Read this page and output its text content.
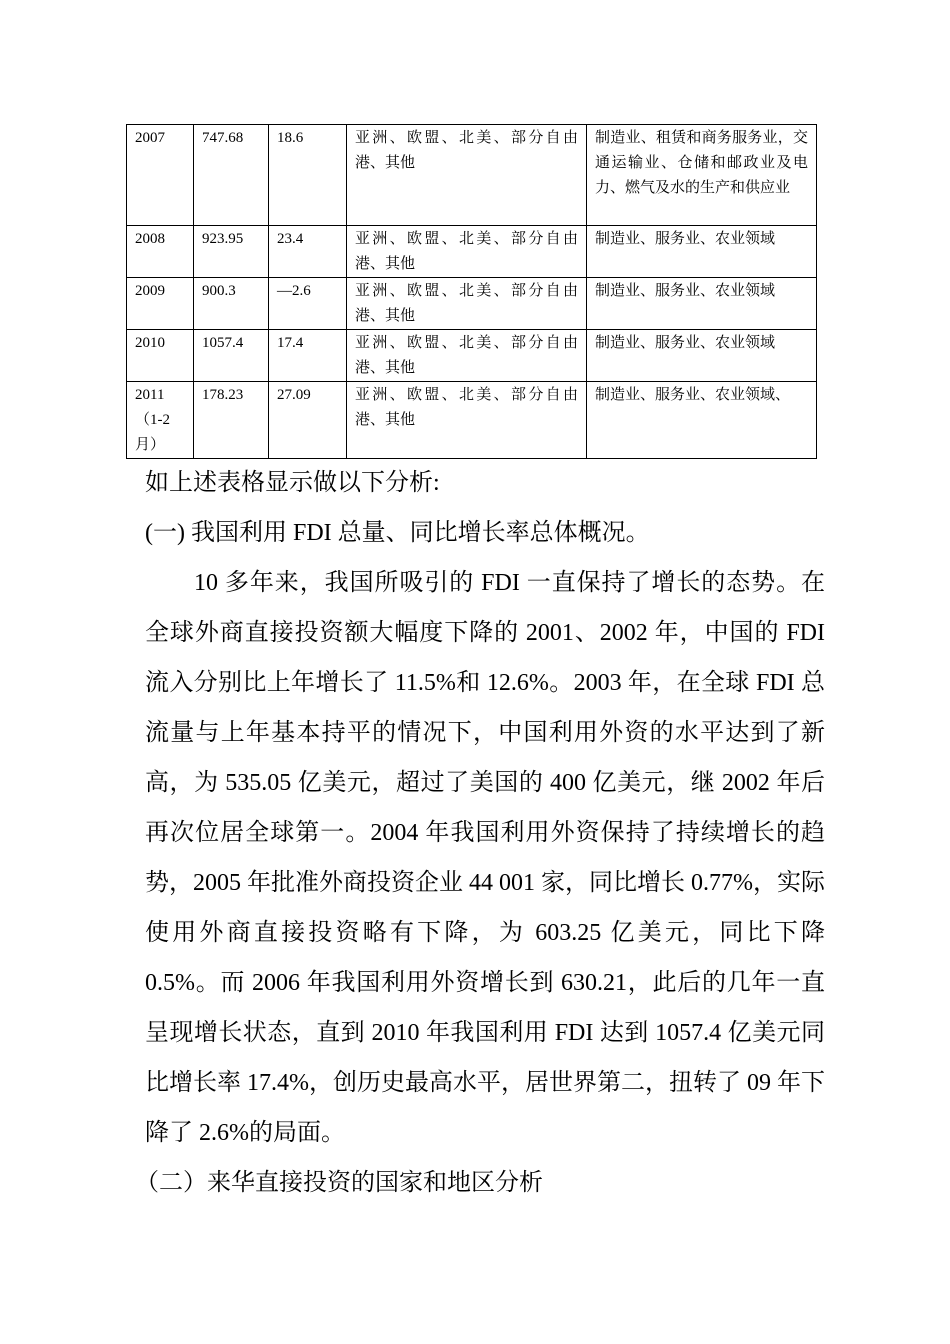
2007	747.68	18.6	亚洲、欧盟、北美、部分自由港、其他	制造业、租赁和商务服务业，交通运输业、仓储和邮政业及电力、燃气及水的生产和供应业
2008	923.95	23.4	亚洲、欧盟、北美、部分自由港、其他	制造业、服务业、农业领域
2009	900.3	—2.6	亚洲、欧盟、北美、部分自由港、其他	制造业、服务业、农业领域
2010	1057.4	17.4	亚洲、欧盟、北美、部分自由港、其他	制造业、服务业、农业领域
2011（1-2月）	178.23	27.09	亚洲、欧盟、北美、部分自由港、其他	制造业、服务业、农业领域、

如上述表格显示做以下分析:

(一) 我国利用 FDI 总量、同比增长率总体概况。

10 多年来，我国所吸引的 FDI 一直保持了增长的态势。在全球外商直接投资额大幅度下降的 2001、2002 年，中国的 FDI 流入分别比上年增长了 11.5%和 12.6%。2003 年，在全球 FDI 总流量与上年基本持平的情况下，中国利用外资的水平达到了新高，为 535.05 亿美元，超过了美国的 400 亿美元，继 2002 年后再次位居全球第一。2004 年我国利用外资保持了持续增长的趋势，2005 年批准外商投资企业 44 001 家，同比增长 0.77%，实际使用外商直接投资略有下降，为 603.25 亿美元，同比下降 0.5%。而 2006 年我国利用外资增长到 630.21，此后的几年一直呈现增长状态，直到 2010 年我国利用 FDI 达到 1057.4 亿美元同比增长率 17.4%，创历史最高水平，居世界第二，扭转了 09 年下降了 2.6%的局面。

（二）来华直接投资的国家和地区分析
